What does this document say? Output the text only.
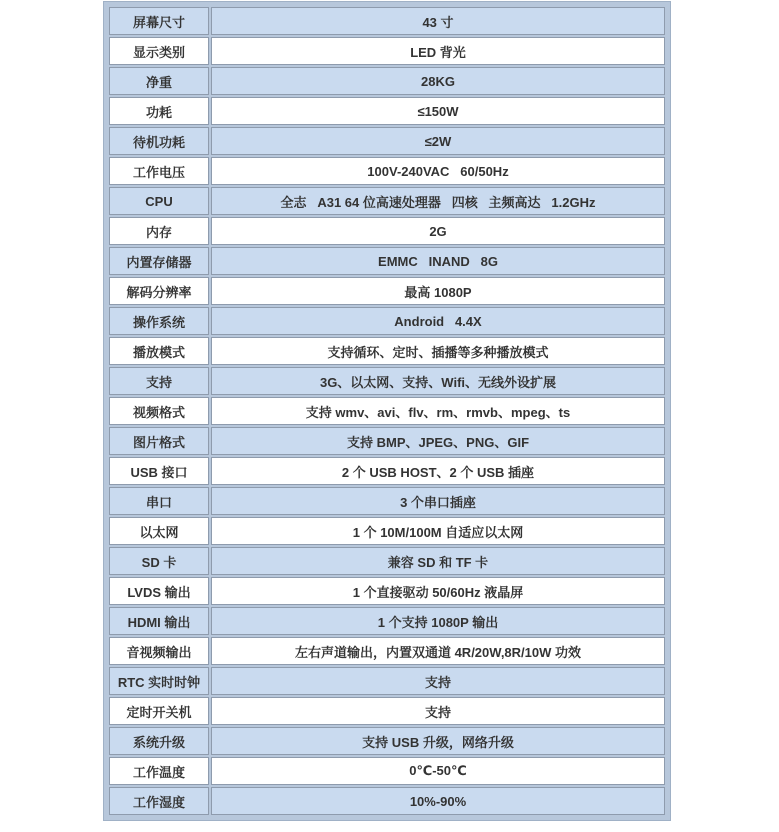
屏幕尺寸	43 寸
显示类别	LED 背光
净重	28KG
功耗	≤150W
待机功耗	≤2W
工作电压	100V-240VAC   60/50Hz
CPU	全志   A31 64 位高速处理器   四核   主频高达   1.2GHz
内存	2G
内置存储器	EMMC   INAND   8G
解码分辨率	最高 1080P
操作系统	Android   4.4X
播放模式	支持循环、定时、插播等多种播放模式
支持	3G、以太网、支持、Wifi、无线外设扩展
视频格式	支持 wmv、avi、flv、rm、rmvb、mpeg、ts
图片格式	支持 BMP、JPEG、PNG、GIF
USB 接口	2 个 USB HOST、2 个 USB 插座
串口	3 个串口插座
以太网	1 个 10M/100M 自适应以太网
SD 卡	兼容 SD 和 TF 卡
LVDS 输出	1 个直接驱动 50/60Hz 液晶屏
HDMI 输出	1 个支持 1080P 输出
音视频输出	左右声道输出，内置双通道 4R/20W,8R/10W 功效
RTC 实时时钟	支持
定时开关机	支持
系统升级	支持 USB 升级，网络升级
工作温度	0℃-50℃
工作湿度	10%-90%
